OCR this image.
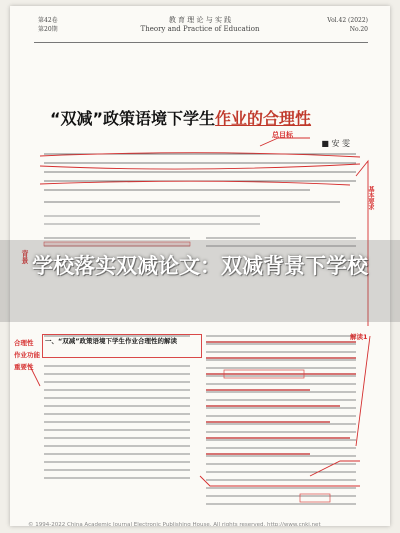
第42卷
第20期
教 育 理 论 与 实 践
Theory and Practice of Education
Vol.42 (2022)
No.20
“双减”政策语境下学生作业的合理性
■ 安 雯
总目标
基本要求
背景
解读1
合理性
作业功能
重要性
一、“双减”政策语境下学生作业合理性的解读
© 1994-2022 China Academic Journal Electronic Publishing House. All rights reserved. http://www.cnki.net
学校落实双减论文：双减背景下学校
